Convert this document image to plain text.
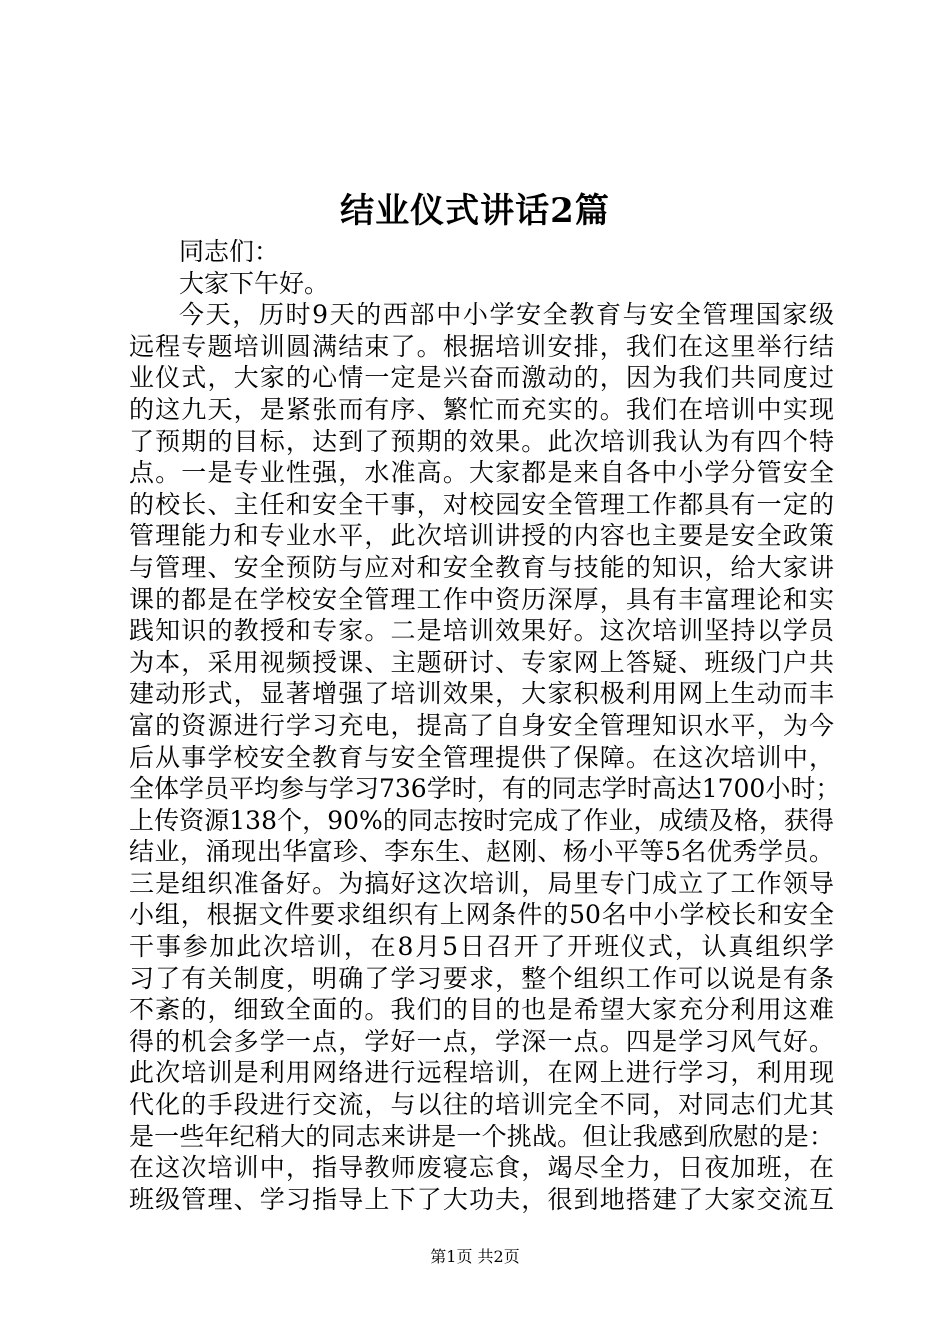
结业仪式讲话2篇
同志们：
大家下午好。
今天，历时9天的西部中小学安全教育与安全管理国家级
远程专题培训圆满结束了。根据培训安排，我们在这里举行结
业仪式，大家的心情一定是兴奋而激动的，因为我们共同度过
的这九天，是紧张而有序、繁忙而充实的。我们在培训中实现
了预期的目标，达到了预期的效果。此次培训我认为有四个特
点。一是专业性强，水准高。大家都是来自各中小学分管安全
的校长、主任和安全干事，对校园安全管理工作都具有一定的
管理能力和专业水平，此次培训讲授的内容也主要是安全政策
与管理、安全预防与应对和安全教育与技能的知识，给大家讲
课的都是在学校安全管理工作中资历深厚，具有丰富理论和实
践知识的教授和专家。二是培训效果好。这次培训坚持以学员
为本，采用视频授课、主题研讨、专家网上答疑、班级门户共
建动形式，显著增强了培训效果，大家积极利用网上生动而丰
富的资源进行学习充电，提高了自身安全管理知识水平，为今
后从事学校安全教育与安全管理提供了保障。在这次培训中，
全体学员平均参与学习736学时，有的同志学时高达1700小时；
上传资源138个，90%的同志按时完成了作业，成绩及格，获得
结业，涌现出华富珍、李东生、赵刚、杨小平等5名优秀学员。
三是组织准备好。为搞好这次培训，局里专门成立了工作领导
小组，根据文件要求组织有上网条件的50名中小学校长和安全
干事参加此次培训，在8月5日召开了开班仪式，认真组织学
习了有关制度，明确了学习要求，整个组织工作可以说是有条
不紊的，细致全面的。我们的目的也是希望大家充分利用这难
得的机会多学一点，学好一点，学深一点。四是学习风气好。
此次培训是利用网络进行远程培训，在网上进行学习，利用现
代化的手段进行交流，与以往的培训完全不同，对同志们尤其
是一些年纪稍大的同志来讲是一个挑战。但让我感到欣慰的是：
在这次培训中，指导教师废寝忘食，竭尽全力，日夜加班，在
班级管理、学习指导上下了大功夫，很到地搭建了大家交流互
第1页 共2页
